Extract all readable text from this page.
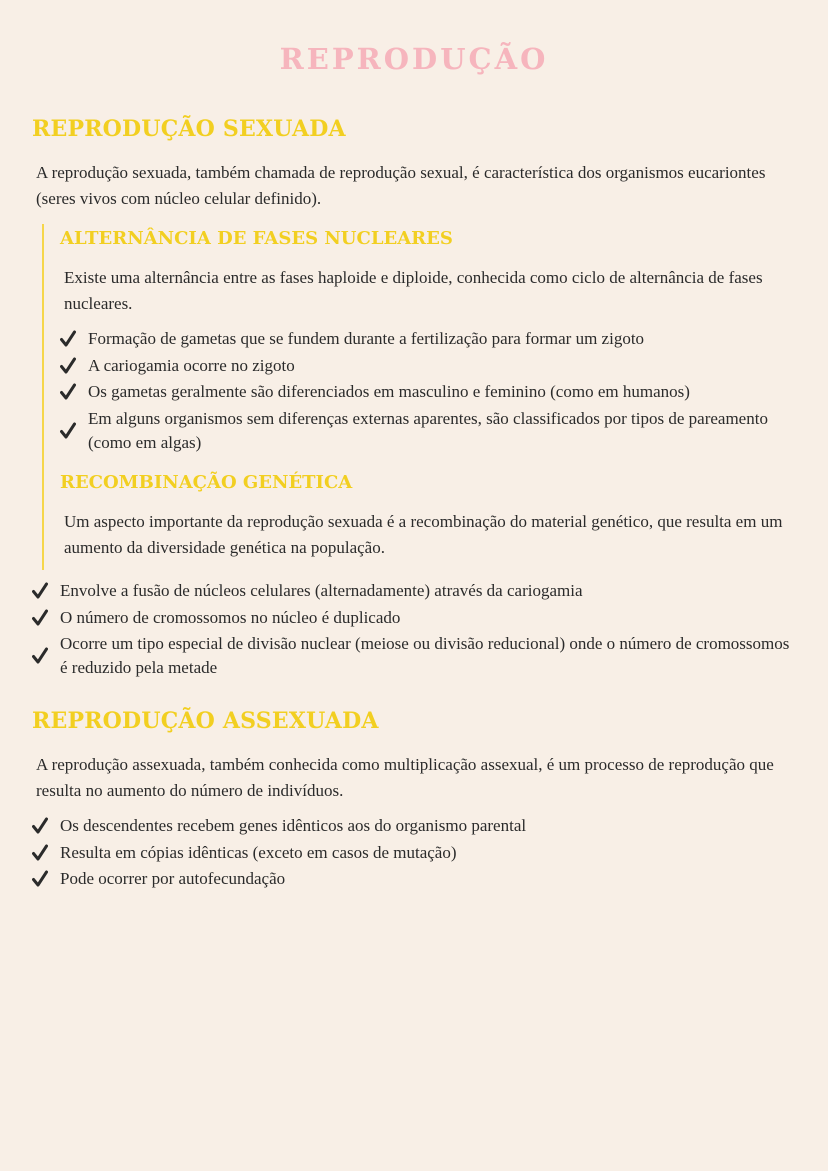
REPRODUÇÃO
REPRODUÇÃO SEXUADA

A reprodução sexuada, também chamada de reprodução sexual, é característica dos organismos eucariontes (seres vivos com núcleo celular definido).

ALTERNÂNCIA DE FASES NUCLEARES

Existe uma alternância entre as fases haploide e diploide, conhecida como ciclo de alternância de fases nucleares.

Formação de gametas que se fundem durante a fertilização para formar um zigoto
A cariogamia ocorre no zigoto
Os gametas geralmente são diferenciados em masculino e feminino (como em humanos)
Em alguns organismos sem diferenças externas aparentes, são classificados por tipos de pareamento (como em algas)
RECOMBINAÇÃO GENÉTICA

Um aspecto importante da reprodução sexuada é a recombinação do material genético, que resulta em um aumento da diversidade genética na população.

Envolve a fusão de núcleos celulares (alternadamente) através da cariogamia
O número de cromossomos no núcleo é duplicado
Ocorre um tipo especial de divisão nuclear (meiose ou divisão reducional) onde o número de cromossomos é reduzido pela metade
REPRODUÇÃO ASSEXUADA

A reprodução assexuada, também conhecida como multiplicação assexual, é um processo de reprodução que resulta no aumento do número de indivíduos.

Os descendentes recebem genes idênticos aos do organismo parental
Resulta em cópias idênticas (exceto em casos de mutação)
Pode ocorrer por autofecundação
